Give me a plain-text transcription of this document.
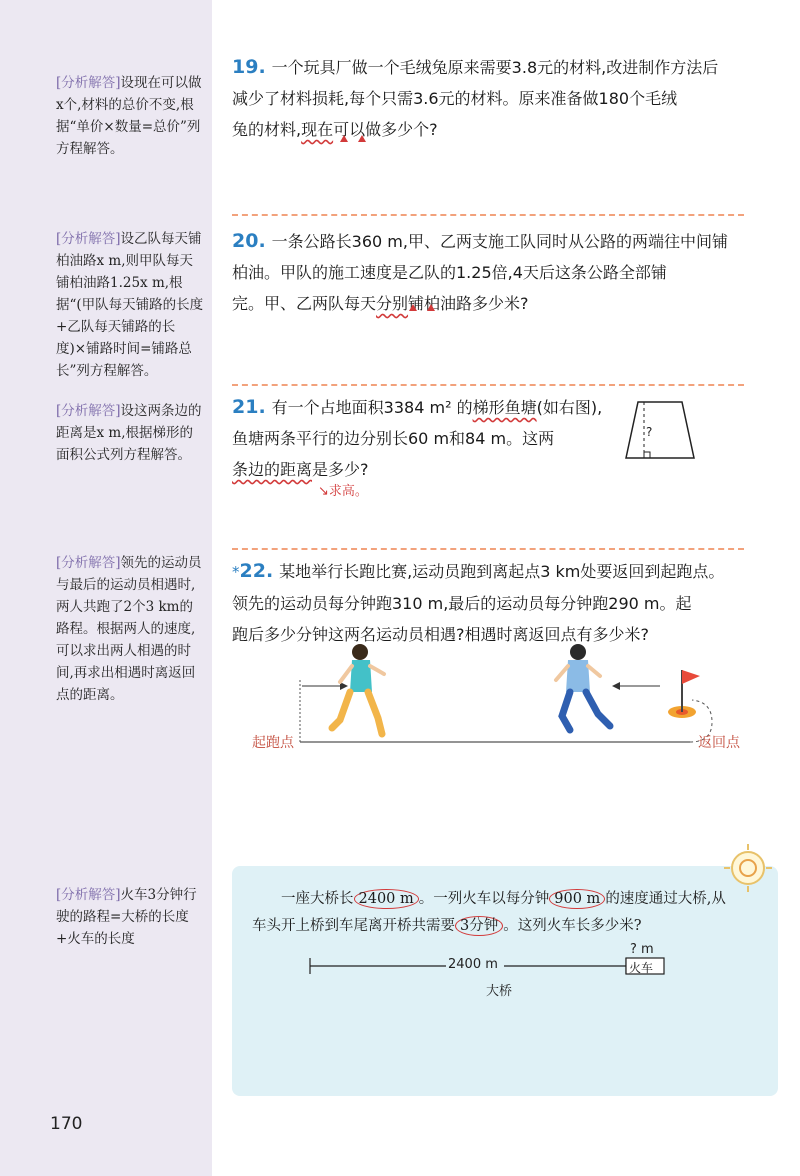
[分析解答]设现在可以做x个,材料的总价不变,根据“单价×数量=总价”列方程解答。
[分析解答]设乙队每天铺柏油路x m,则甲队每天铺柏油路1.25x m,根据“(甲队每天铺路的长度+乙队每天铺路的长度)×铺路时间=铺路总长”列方程解答。
[分析解答]设这两条边的距离是x m,根据梯形的面积公式列方程解答。
[分析解答]领先的运动员与最后的运动员相遇时,两人共跑了2个3 km的路程。根据两人的速度,可以求出两人相遇的时间,再求出相遇时离返回点的距离。
[分析解答]火车3分钟行驶的路程=大桥的长度+火车的长度
19. 一个玩具厂做一个毛绒兔原来需要3.8元的材料,改进制作方法后
减少了材料损耗,每个只需3.6元的材料。原来准备做180个毛绒
兔的材料,现在可以做多少个?
20. 一条公路长360 m,甲、乙两支施工队同时从公路的两端往中间铺
柏油。甲队的施工速度是乙队的1.25倍,4天后这条公路全部铺
完。甲、乙两队每天分别铺柏油路多少米?
21. 有一个占地面积3384 m² 的梯形鱼塘(如右图),
鱼塘两条平行的边分别长60 m和84 m。这两
条边的距离是多少?
↘求高。
?
*22. 某地举行长跑比赛,运动员跑到离起点3 km处要返回到起跑点。
领先的运动员每分钟跑310 m,最后的运动员每分钟跑290 m。起
跑后多少分钟这两名运动员相遇?相遇时离返回点有多少米?
起跑点	返回点
一座大桥长 2400 m 。一列火车以每分钟 900 m 的速度通过大桥,从
车头开上桥到车尾离开桥共需要 3分钟 。这列火车长多少米?
2400 m
? m
火车
大桥
170
